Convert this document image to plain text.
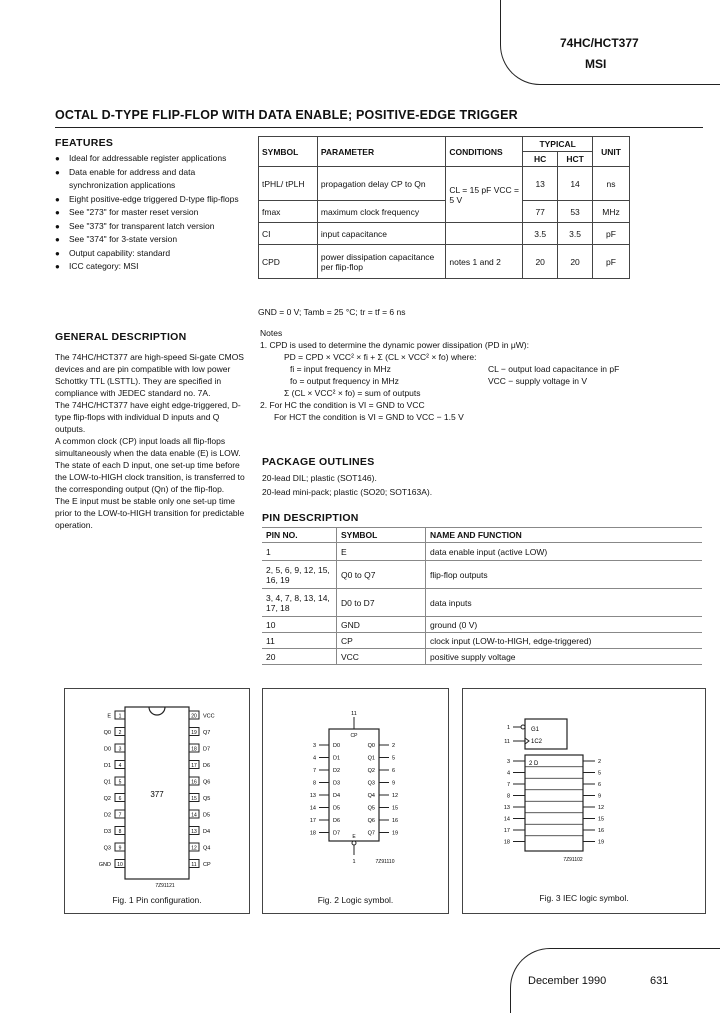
74HC/HCT377
MSI
OCTAL D-TYPE FLIP-FLOP WITH DATA ENABLE; POSITIVE-EDGE TRIGGER
FEATURES
● Ideal for addressable register applications
● Data enable for address and data synchronization applications
● Eight positive-edge triggered D-type flip-flops
● See "273" for master reset version
● See "373" for transparent latch version
● See "374" for 3-state version
● Output capability: standard
● ICC category: MSI
GENERAL DESCRIPTION

The 74HC/HCT377 are high-speed Si-gate CMOS devices and are pin compatible with low power Schottky TTL (LSTTL). They are specified in compliance with JEDEC standard no. 7A.

The 74HC/HCT377 have eight edge-triggered, D-type flip-flops with individual D inputs and Q outputs.

A common clock (CP) input loads all flip-flops simultaneously when the data enable (E) is LOW.

The state of each D input, one set-up time before the LOW-to-HIGH clock transition, is transferred to the corresponding output (Qn) of the flip-flop.

The E input must be stable only one set-up time prior to the LOW-to-HIGH transition for predictable operation.

SYMBOL	PARAMETER	CONDITIONS	TYPICAL		UNIT
			HC	HCT	
tPHL/ tPLH	propagation delay CP to Qn	CL = 15 pF VCC = 5 V	13	14	ns
fmax	maximum clock frequency		77	53	MHz
CI	input capacitance		3.5	3.5	pF
CPD	power dissipation capacitance per flip-flop	notes 1 and 2	20	20	pF
GND = 0 V; Tamb = 25 °C; tr = tf = 6 ns
Notes
1. CPD is used to determine the dynamic power dissipation (PD in μW):
PD = CPD × VCC² × fi + Σ (CL × VCC² × fo) where:
fi = input frequency in MHz	CL − output load capacitance in pF
fo = output frequency in MHz	VCC − supply voltage in V
Σ (CL × VCC² × fo) = sum of outputs
2. For HC the condition is VI = GND to VCC
For HCT the condition is VI = GND to VCC − 1.5 V
PACKAGE OUTLINES
20-lead DIL; plastic (SOT146).
20-lead mini-pack; plastic (SO20; SOT163A).
PIN DESCRIPTION
PIN NO.	SYMBOL	NAME AND FUNCTION
1	E	data enable input (active LOW)
2, 5, 6, 9, 12, 15, 16, 19	Q0 to Q7	flip-flop outputs
3, 4, 7, 8, 13, 14, 17, 18	D0 to D7	data inputs
10	GND	ground (0 V)
11	CP	clock input (LOW-to-HIGH, edge-triggered)
20	VCC	positive supply voltage
377
1
E	20 VCC
2
Q0	19 Q7
3
D0	18 D7
4
D1	17 D6
5
Q1	16 Q6
6
Q2	15 Q5
7
D2	14 D5
8
D3	13 D4
9
Q3	12 Q4
10
GND	11 CP
7Z91121
Fig. 1 Pin configuration.
11
CP
E
1
3	D0	Q0	2
4	D1	Q1	5
7	D2	Q2	6
8	D3	Q3	9
13	D4	Q4	12
14	D5	Q5	15
17	D6	Q6	16
18	D7	Q7	19
7Z91110
Fig. 2 Logic symbol.
G1
1C2
2 D
1
11
3	2
4	5
7	6
8	9
13	12
14	15
17	16
18	19
7Z91102
Fig. 3 IEC logic symbol.
December 1990	631
